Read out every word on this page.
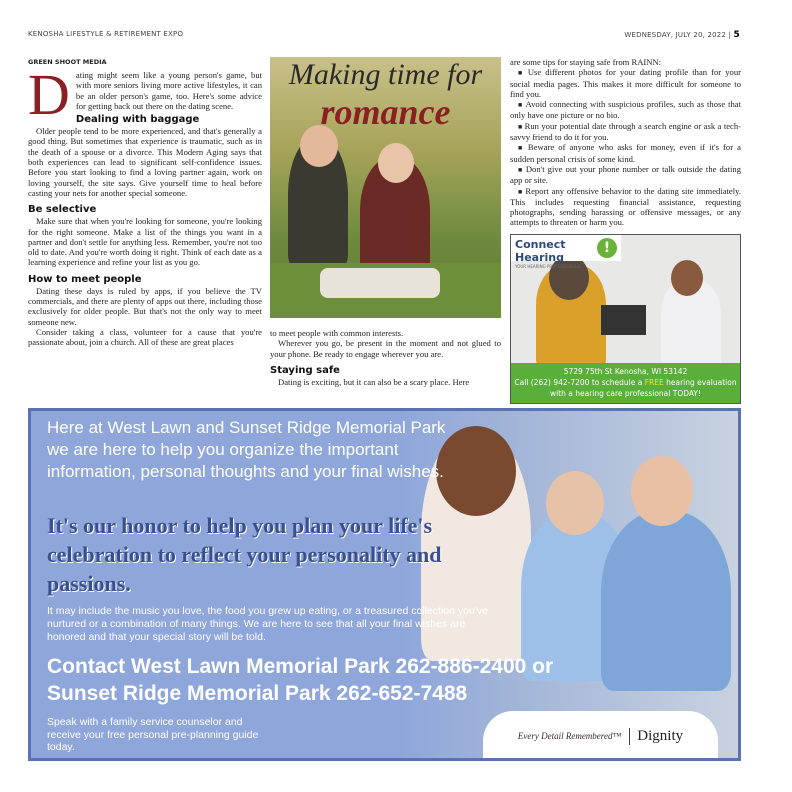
KENOSHA LIFESTYLE & RETIREMENT EXPO	WEDNESDAY, JULY 20, 2022 | 5
GREEN SHOOT MEDIA
D ating might seem like a young person's game, but with more seniors living more active lifestyles, it can be an older person's game, too. Here's some advice for getting back out there on the dating scene.

Dealing with baggage

Older people tend to be more experienced, and that's generally a good thing. But sometimes that experience is traumatic, such as in the death of a spouse or a divorce. This Modern Aging says that both experiences can lead to significant self-confidence issues. Before you start looking to find a loving partner again, work on loving yourself, the site says. Give yourself time to heal before casting your nets for another special someone.

Be selective

Make sure that when you're looking for someone, you're looking for the right someone. Make a list of the things you want in a partner and don't settle for anything less. Remember, you're not too old to date. And you're worth doing it right. Think of each date as a learning experience and refine your list as you go.

How to meet people

Dating these days is ruled by apps, if you believe the TV commercials, and there are plenty of apps out there, including those exclusively for older people. But that's not the only way to meet someone new.

Consider taking a class, volunteer for a cause that you're passionate about, join a church. All of these are great places

Making time for
romance

to meet people with common interests.

Wherever you go, be present in the moment and not glued to your phone. Be ready to engage wherever you are.

Staying safe

Dating is exciting, but it can also be a scary place. Here

are some tips for staying safe from RAINN:

■ Use different photos for your dating profile than for your social media pages. This makes it more difficult for someone to find you.

■ Avoid connecting with suspicious profiles, such as those that only have one picture or no bio.

■ Run your potential date through a search engine or ask a tech-savvy friend to do it for you.

■ Beware of anyone who asks for money, even if it's for a sudden personal crisis of some kind.

■ Don't give out your phone number or talk outside the dating app or site.

■ Report any offensive behavior to the dating site immediately. This includes requesting financial assistance, requesting photographs, sending harassing or offensive messages, or any attempts to threaten or harm you.

Connect Hearing
YOUR HEARING PROFESSIONALS
!
5729 75th St Kenosha, WI 53142
Call (262) 942-7200 to schedule a FREE hearing evaluation
with a hearing care professional TODAY!
Here at West Lawn and Sunset Ridge Memorial Park we are here to help you organize the important information, personal thoughts and your final wishes.
It's our honor to help you plan your life's celebration to reflect your personality and passions.
It may include the music you love, the food you grew up eating, or a treasured collection you've nurtured or a combination of many things. We are here to see that all your final wishes are honored and that your special story will be told.
Contact West Lawn Memorial Park 262-886-2400 or
Sunset Ridge Memorial Park 262-652-7488
Speak with a family service counselor and receive your free personal pre-planning guide today.
Every Detail Remembered™	Dignity
